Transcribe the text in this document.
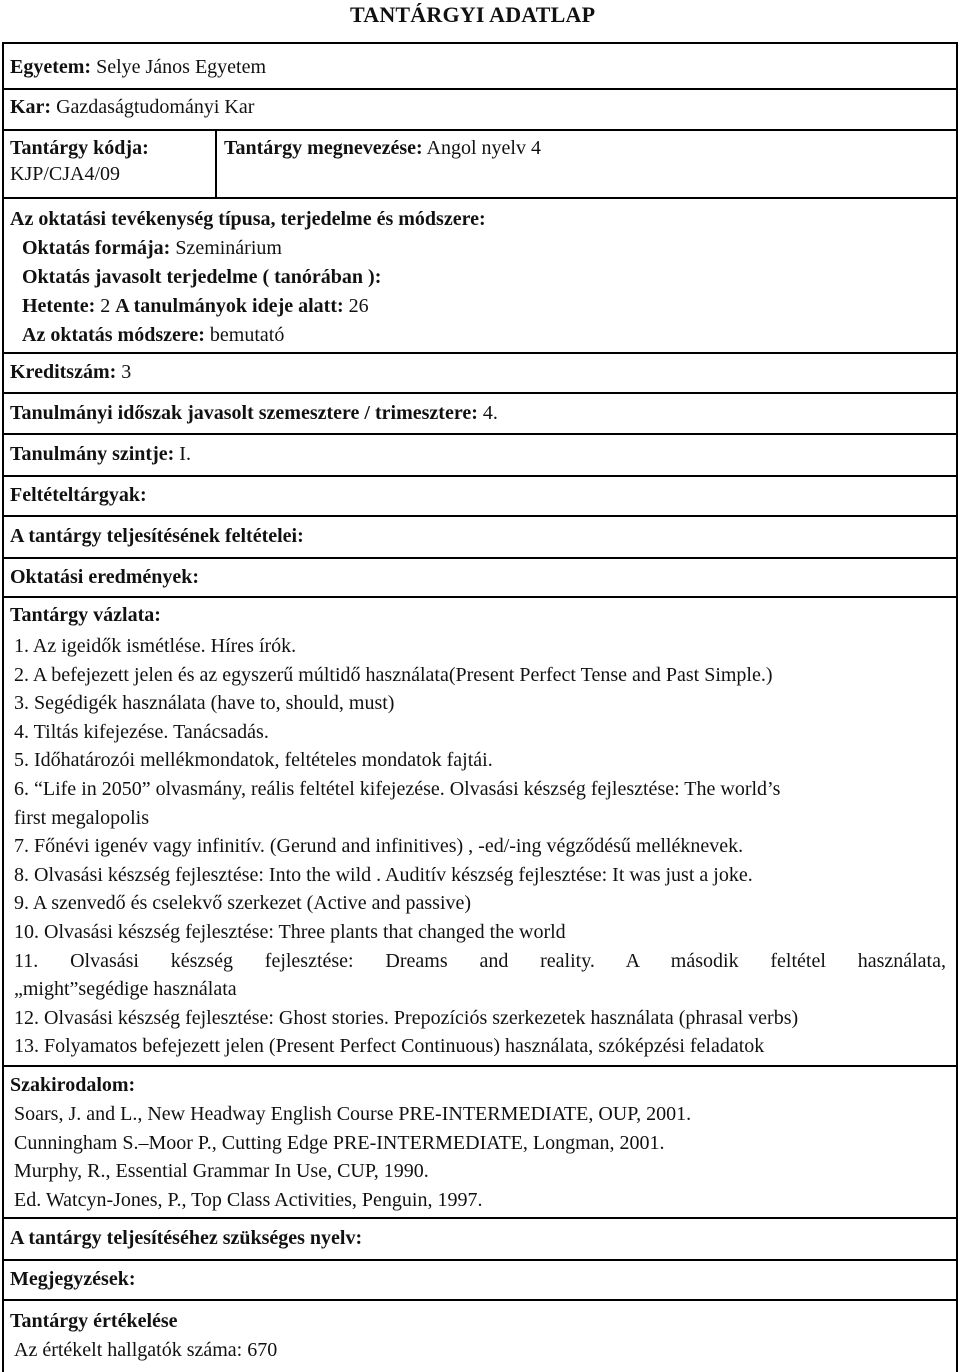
TANTÁRGYI ADATLAP
Egyetem: Selye János Egyetem
Kar: Gazdaságtudományi Kar
Tantárgy kódja:
KJP/CJA4/09
Tantárgy megnevezése: Angol nyelv 4
Az oktatási tevékenység típusa, terjedelme és módszere:
Oktatás formája: Szeminárium
Oktatás javasolt terjedelme ( tanórában ):
Hetente: 2 A tanulmányok ideje alatt: 26
Az oktatás módszere: bemutató
Kreditszám: 3
Tanulmányi időszak javasolt szemesztere / trimesztere: 4.
Tanulmány szintje: I.
Feltételtárgyak:
A tantárgy teljesítésének feltételei:
Oktatási eredmények:
Tantárgy vázlata:
1. Az igeidők ismétlése. Híres írók.
2. A befejezett jelen és az egyszerű múltidő használata(Present Perfect Tense and Past Simple.)
3. Segédigék használata (have to, should, must)
4. Tiltás kifejezése. Tanácsadás.
5. Időhatározói mellékmondatok, feltételes mondatok fajtái.
6. “Life in 2050” olvasmány, reális feltétel kifejezése. Olvasási készség fejlesztése: The world’s
first megalopolis
7. Főnévi igenév vagy infinitív. (Gerund and infinitives) , -ed/-ing végződésű melléknevek.
8. Olvasási készség fejlesztése: Into the wild . Auditív készség fejlesztése: It was just a joke.
9. A szenvedő és cselekvő szerkezet (Active and passive)
10. Olvasási készség fejlesztése: Three plants that changed the world
11. Olvasási készség fejlesztése: Dreams and reality. A második feltétel használata,
„might”segédige használata
12. Olvasási készség fejlesztése: Ghost stories. Prepozíciós szerkezetek használata (phrasal verbs)
13. Folyamatos befejezett jelen (Present Perfect Continuous) használata, szóképzési feladatok
Szakirodalom:
Soars, J. and L., New Headway English Course PRE-INTERMEDIATE, OUP, 2001.
Cunningham S.–Moor P., Cutting Edge PRE-INTERMEDIATE, Longman, 2001.
Murphy, R., Essential Grammar In Use, CUP, 1990.
Ed. Watcyn-Jones, P., Top Class Activities, Penguin, 1997.
A tantárgy teljesítéséhez szükséges nyelv:
Megjegyzések:
Tantárgy értékelése
Az értékelt hallgatók száma: 670
